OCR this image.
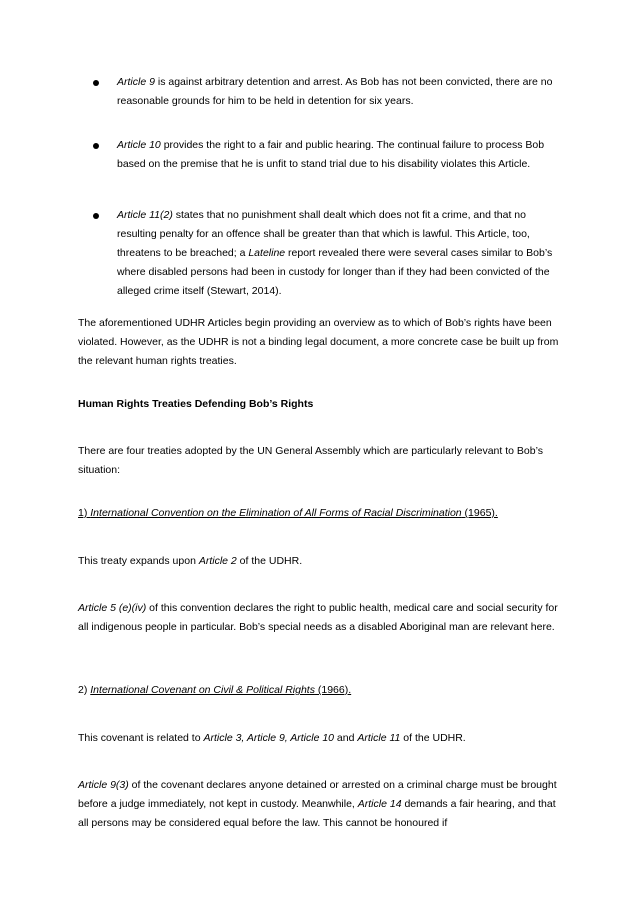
Article 9 is against arbitrary detention and arrest. As Bob has not been convicted, there are no reasonable grounds for him to be held in detention for six years.

Article 10 provides the right to a fair and public hearing. The continual failure to process Bob based on the premise that he is unfit to stand trial due to his disability violates this Article.

Article 11(2) states that no punishment shall dealt which does not fit a crime, and that no resulting penalty for an offence shall be greater than that which is lawful. This Article, too, threatens to be breached; a Lateline report revealed there were several cases similar to Bob’s where disabled persons had been in custody for longer than if they had been convicted of the alleged crime itself (Stewart, 2014).

The aforementioned UDHR Articles begin providing an overview as to which of Bob’s rights have been violated. However, as the UDHR is not a binding legal document, a more concrete case be built up from the relevant human rights treaties.

Human Rights Treaties Defending Bob’s Rights

There are four treaties adopted by the UN General Assembly which are particularly relevant to Bob’s situation:

1) International Convention on the Elimination of All Forms of Racial Discrimination (1965).

This treaty expands upon Article 2 of the UDHR.

Article 5 (e)(iv) of this convention declares the right to public health, medical care and social security for all indigenous people in particular. Bob’s special needs as a disabled Aboriginal man are relevant here.

2) International Covenant on Civil & Political Rights (1966).

This covenant is related to Article 3, Article 9, Article 10 and Article 11 of the UDHR.

Article 9(3) of the covenant declares anyone detained or arrested on a criminal charge must be brought before a judge immediately, not kept in custody. Meanwhile, Article 14 demands a fair hearing, and that all persons may be considered equal before the law. This cannot be honoured if
